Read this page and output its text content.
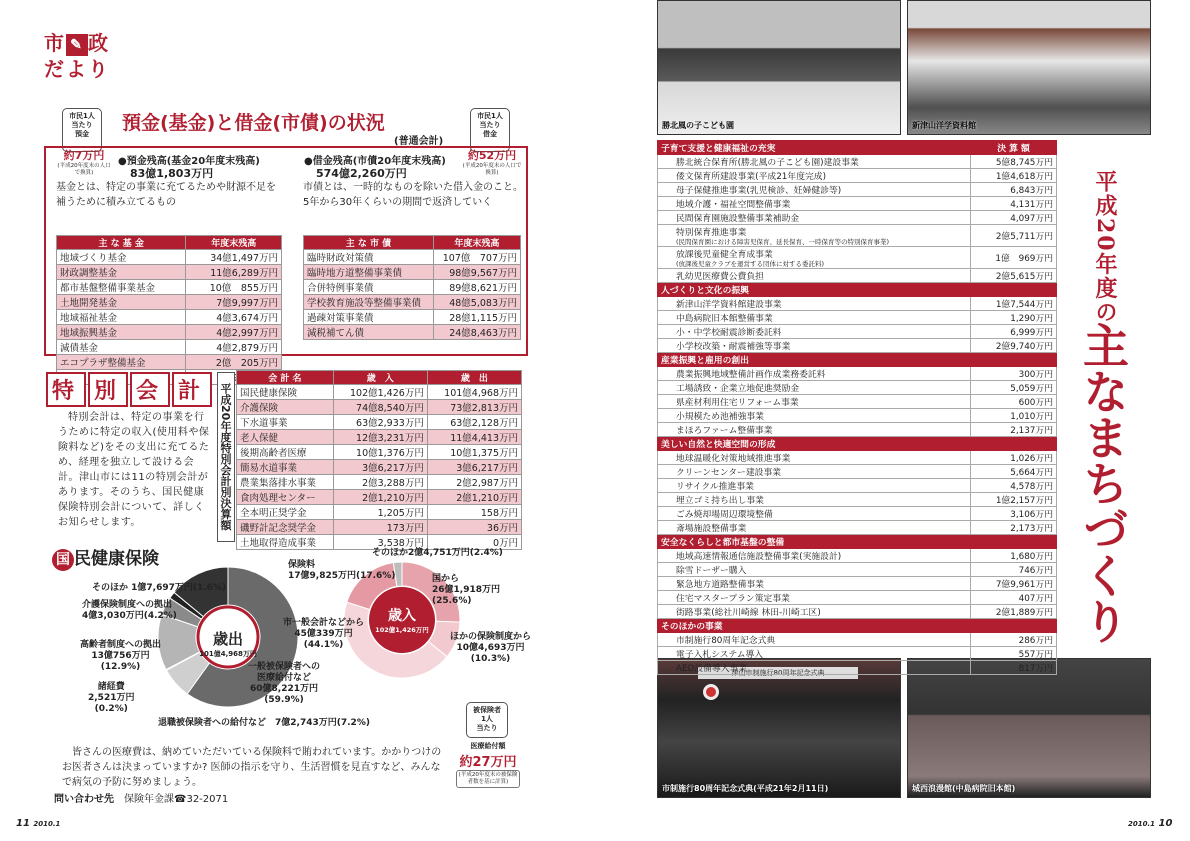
市 ✎ 政
だより
市民1人
当たり
預金
約7万円
(平成20年度末の人口で換算)
市民1人
当たり
借金
約52万円
(平成20年度末の人口で換算)
預金(基金)と借金(市債)の状況
(普通会計)
●預金残高(基金20年度末残高)
83億1,803万円
基金とは、特定の事業に充てるためや財源不足を補うために積み立てるもの
主 な 基 金	年度末残高
地域づくり基金	34億1,497万円
財政調整基金	11億6,289万円
都市基盤整備事業基金	10億　855万円
土地開発基金	7億9,997万円
地域福祉基金	4億3,674万円
地域振興基金	4億2,997万円
減債基金	4億2,879万円
エコプラザ整備基金	2億　205万円

●借金残高(市債20年度末残高)
574億2,260万円
市債とは、一時的なものを除いた借入金のこと。5年から30年くらいの期間で返済していく
主 な 市 債	年度末残高
臨時財政対策債	107億　707万円
臨時地方道整備事業債	98億9,567万円
合併特例事業債	89億8,621万円
学校教育施設等整備事業債	48億5,083万円
過疎対策事業債	28億1,115万円
減税補てん債	24億8,463万円
特 別 会 計
特別会計は、特定の事業を行うために特定の収入(使用料や保険料など)をその支出に充てるため、経理を独立して設ける会計。津山市には11の特別会計があります。そのうち、国民健康保険特別会計について、詳しくお知らせします。	平成20年度特別会計別決算額
会 計 名	歳　入	歳　出
国民健康保険	102億1,426万円	101億4,968万円
介護保険	74億8,540万円	73億2,813万円
下水道事業	63億2,933万円	63億2,128万円
老人保健	12億3,231万円	11億4,413万円
後期高齢者医療	10億1,376万円	10億1,375万円
簡易水道事業	3億6,217万円	3億6,217万円
農業集落排水事業	2億3,288万円	2億2,987万円
食肉処理センター	2億1,210万円	2億1,210万円
全本明正奨学金	1,205万円	158万円
磯野計記念奨学金	173万円	36万円
土地取得造成事業	3,538万円	0万円
国 民健康保険
歳出
101億4,968万円
そのほか 1億7,697万円(1.6%)
介護保険制度への拠出
4億3,030万円(4.2%)
高齢者制度への拠出
13億756万円
(12.9%)
諸経費
2,521万円
(0.2%)
一般被保険者への
医療給付など
60億8,221万円
(59.9%)
退職被保険者への給付など　 7億2,743万円(7.2%)
歳入
102億1,426万円
そのほか2億4,751万円(2.4%)
保険料
17億9,825万円(17.6%)	国から
26億1,918万円
(25.6%)
市一般会計などから
45億339万円
(44.1%)
ほかの保険制度から
10億4,693万円
(10.3%)
被保険者
1人
当たり
医療給付額
約27万円
(平成20年度末の被保険者数を基に計算)
皆さんの医療費は、納めていただいている保険料で賄われています。かかりつけのお医者さんは決まっていますか? 医師の指示を守り、生活習慣を見直すなど、みんなで病気の予防に努めましょう。
問い合わせ先　 保険年金課☎32-2071
11 2010.1	2010.1 10
勝北風の子こども園	新津山洋学資料館
津山市制施行80周年記念式典
市制施行80周年記念式典(平成21年2月11日)	城西浪漫館(中島病院旧本館)
子育て支援と健康福祉の充実	決 算 額

勝北統合保育所(勝北風の子こども園)建設事業	5億8,745万円

倭文保育所建設事業(平成21年度完成)	1億4,618万円

母子保健推進事業(乳児検診、妊婦健診等)	6,843万円

地域介護・福祉空間整備事業	4,131万円

民間保育園施設整備事業補助金	4,097万円

特別保育推進事業
(民間保育園における障害児保育、延長保育、一時保育等の特別保育事業)	2億5,711万円

放課後児童健全育成事業
(放課後児童クラブを運営する団体に対する委託料)	1億　969万円

乳幼児医療費公費負担	2億5,615万円
人づくりと文化の振興	

新津山洋学資料館建設事業	1億7,544万円

中島病院旧本館整備事業	1,290万円

小・中学校耐震診断委託料	6,999万円

小学校改築・耐震補強等事業	2億9,740万円
産業振興と雇用の創出	

農業振興地域整備計画作成業務委託料	300万円

工場誘致・企業立地促進奨励金	5,059万円

県産材利用住宅リフォーム事業	600万円

小規模ため池補強事業	1,010万円

まほろファーム整備事業	2,137万円
美しい自然と快適空間の形成	

地球温暖化対策地域推進事業	1,026万円

クリーンセンター建設事業	5,664万円

リサイクル推進事業	4,578万円

埋立ゴミ持ち出し事業	1億2,157万円

ごみ焼却場周辺環境整備	3,106万円

斎場施設整備事業	2,173万円
安全なくらしと都市基盤の整備	

地域高速情報通信施設整備事業(実施設計)	1,680万円

除雪ドーザー購入	746万円

緊急地方道路整備事業	7億9,961万円

住宅マスタープラン策定事業	407万円

街路事業(総社川崎線 林田-川崎工区)	2億1,889万円
そのほかの事業	

市制施行80周年記念式典	286万円

電子入札システム導入	557万円

AED設備導入事業	817万円
平成20年度の
主なまちづくり
